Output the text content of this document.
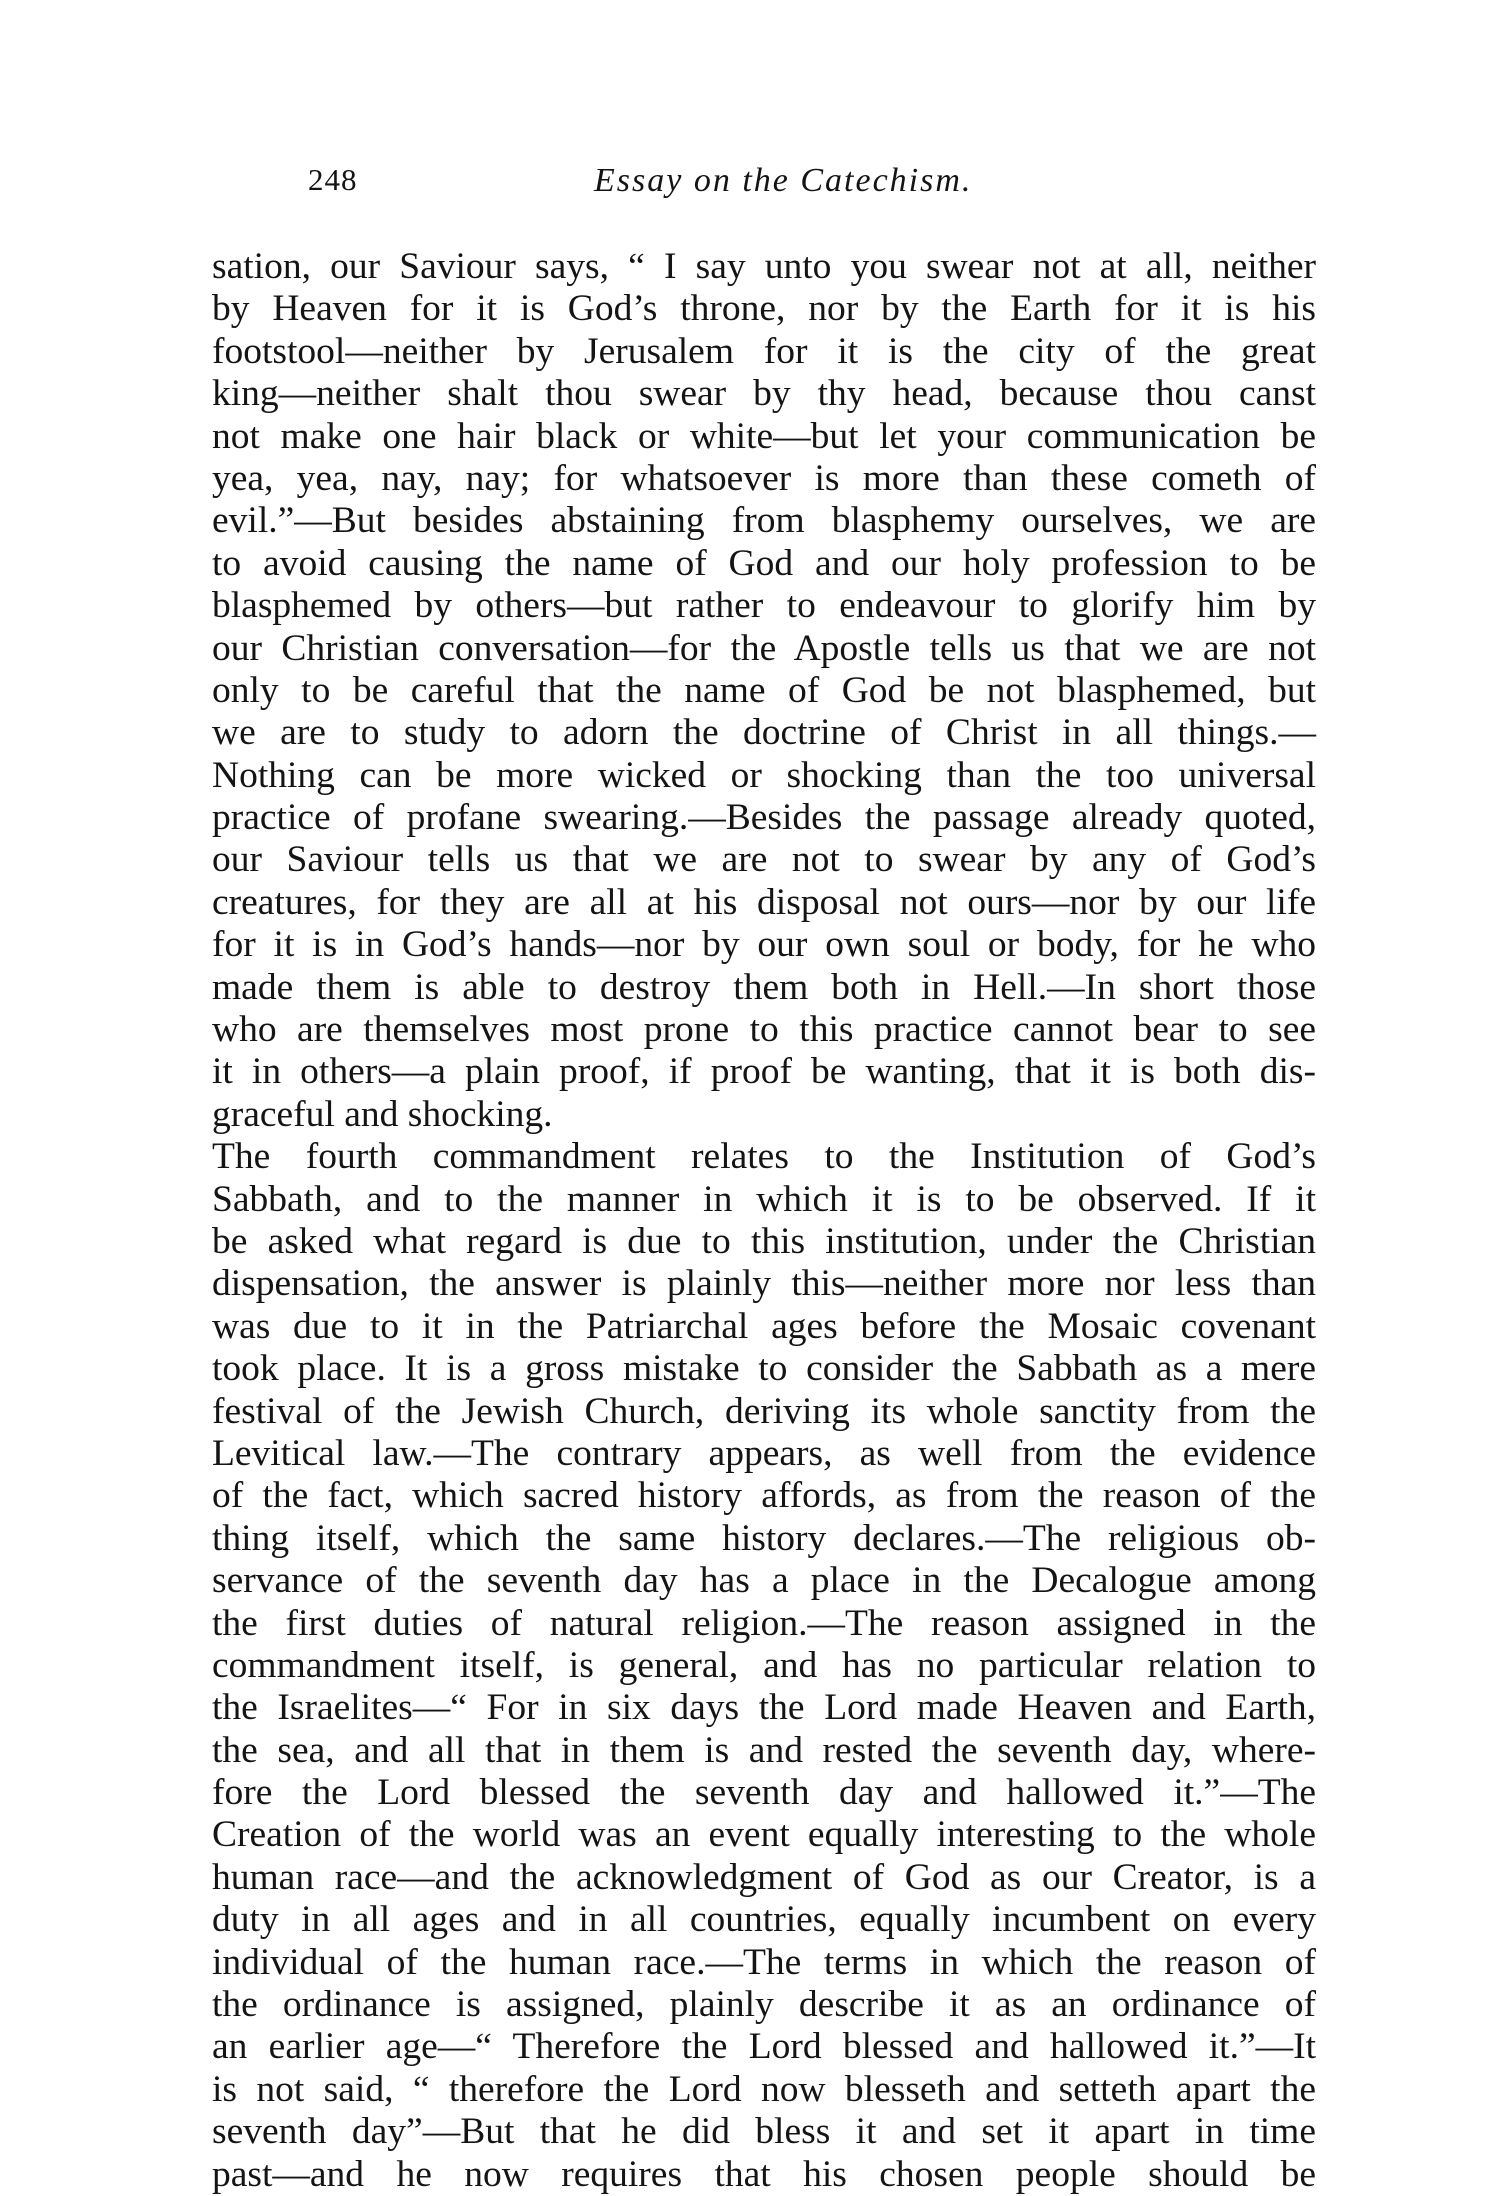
248	Essay on the Catechism.
sation, our Saviour says, “ I say unto you swear not at all, neither
by Heaven for it is God’s throne, nor by the Earth for it is his
footstool—neither by Jerusalem for it is the city of the great
king—neither shalt thou swear by thy head, because thou canst
not make one hair black or white—but let your communication be
yea, yea, nay, nay; for whatsoever is more than these cometh of
evil.”—But besides abstaining from blasphemy ourselves, we are
to avoid causing the name of God and our holy profession to be
blasphemed by others—but rather to endeavour to glorify him by
our Christian conversation—for the Apostle tells us that we are not
only to be careful that the name of God be not blasphemed, but
we are to study to adorn the doctrine of Christ in all things.—
Nothing can be more wicked or shocking than the too universal
practice of profane swearing.—Besides the passage already quoted,
our Saviour tells us that we are not to swear by any of God’s
creatures, for they are all at his disposal not ours—nor by our life
for it is in God’s hands—nor by our own soul or body, for he who
made them is able to destroy them both in Hell.—In short those
who are themselves most prone to this practice cannot bear to see
it in others—a plain proof, if proof be wanting, that it is both dis-
graceful and shocking.
The fourth commandment relates to the Institution of God’s
Sabbath, and to the manner in which it is to be observed. If it
be asked what regard is due to this institution, under the Christian
dispensation, the answer is plainly this—neither more nor less than
was due to it in the Patriarchal ages before the Mosaic covenant
took place. It is a gross mistake to consider the Sabbath as a mere
festival of the Jewish Church, deriving its whole sanctity from the
Levitical law.—The contrary appears, as well from the evidence
of the fact, which sacred history affords, as from the reason of the
thing itself, which the same history declares.—The religious ob-
servance of the seventh day has a place in the Decalogue among
the first duties of natural religion.—The reason assigned in the
commandment itself, is general, and has no particular relation to
the Israelites—“ For in six days the Lord made Heaven and Earth,
the sea, and all that in them is and rested the seventh day, where-
fore the Lord blessed the seventh day and hallowed it.”—The
Creation of the world was an event equally interesting to the whole
human race—and the acknowledgment of God as our Creator, is a
duty in all ages and in all countries, equally incumbent on every
individual of the human race.—The terms in which the reason of
the ordinance is assigned, plainly describe it as an ordinance of
an earlier age—“ Therefore the Lord blessed and hallowed it.”—It
is not said, “ therefore the Lord now blesseth and setteth apart the
seventh day”—But that he did bless it and set it apart in time
past—and he now requires that his chosen people should be
